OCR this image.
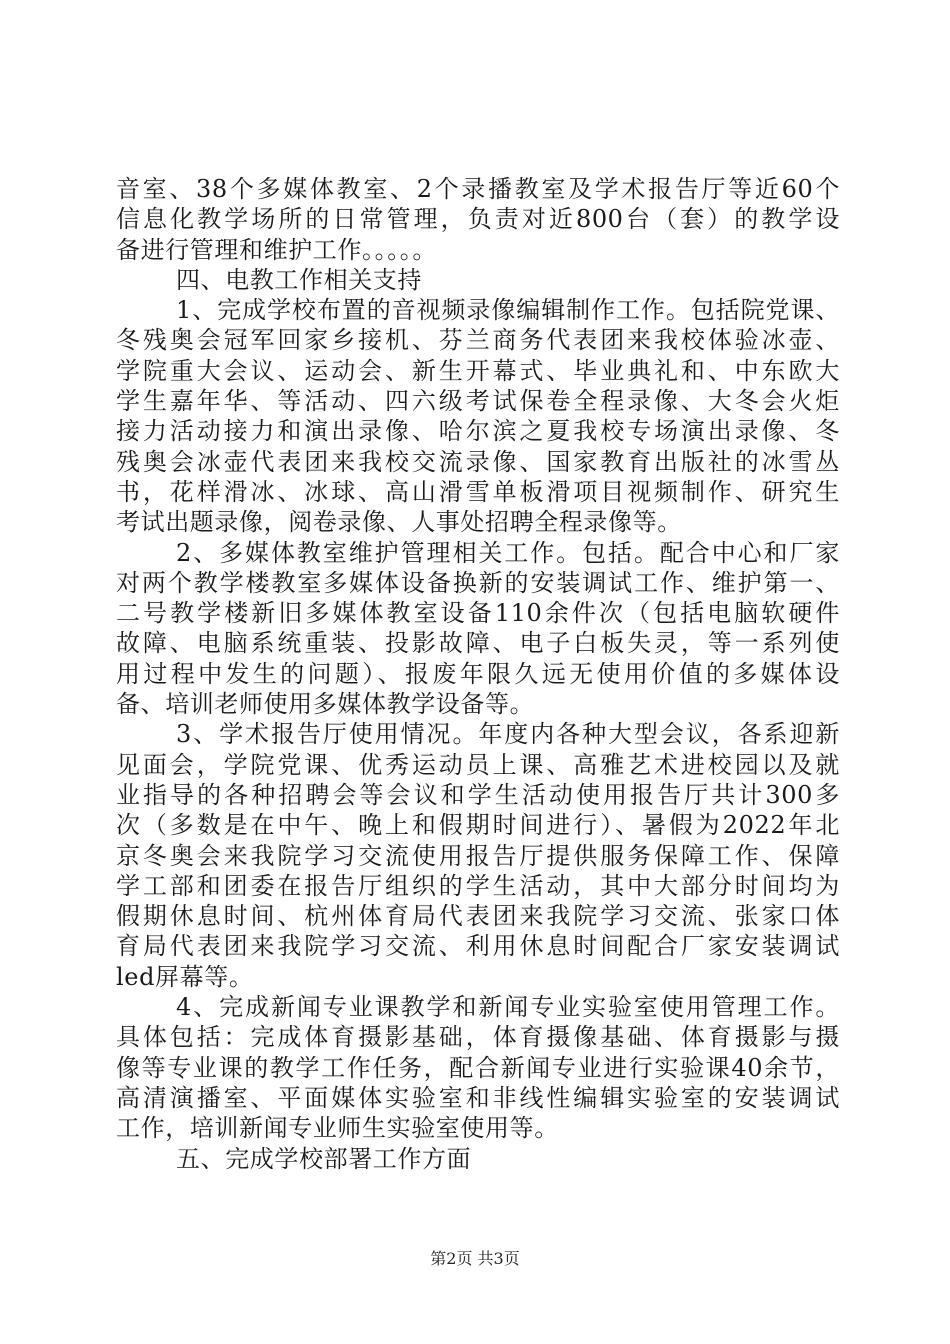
音室、38个多媒体教室、2个录播教室及学术报告厅等近60个
信息化教学场所的日常管理，负责对近800台（套）的教学设
备进行管理和维护工作。。。。。
四、电教工作相关支持
1、完成学校布置的音视频录像编辑制作工作。包括院党课、
冬残奥会冠军回家乡接机、芬兰商务代表团来我校体验冰壶、
学院重大会议、运动会、新生开幕式、毕业典礼和、中东欧大
学生嘉年华、等活动、四六级考试保卷全程录像、大冬会火炬
接力活动接力和演出录像、哈尔滨之夏我校专场演出录像、冬
残奥会冰壶代表团来我校交流录像、国家教育出版社的冰雪丛
书，花样滑冰、冰球、高山滑雪单板滑项目视频制作、研究生
考试出题录像，阅卷录像、人事处招聘全程录像等。
2、多媒体教室维护管理相关工作。包括。配合中心和厂家
对两个教学楼教室多媒体设备换新的安装调试工作、维护第一、
二号教学楼新旧多媒体教室设备110余件次（包括电脑软硬件
故障、电脑系统重装、投影故障、电子白板失灵，等一系列使
用过程中发生的问题）、报废年限久远无使用价值的多媒体设
备、培训老师使用多媒体教学设备等。
3、学术报告厅使用情况。年度内各种大型会议，各系迎新
见面会，学院党课、优秀运动员上课、高雅艺术进校园以及就
业指导的各种招聘会等会议和学生活动使用报告厅共计300多
次（多数是在中午、晚上和假期时间进行）、暑假为2022年北
京冬奥会来我院学习交流使用报告厅提供服务保障工作、保障
学工部和团委在报告厅组织的学生活动，其中大部分时间均为
假期休息时间、杭州体育局代表团来我院学习交流、张家口体
育局代表团来我院学习交流、利用休息时间配合厂家安装调试
led屏幕等。
4、完成新闻专业课教学和新闻专业实验室使用管理工作。
具体包括：完成体育摄影基础，体育摄像基础、体育摄影与摄
像等专业课的教学工作任务，配合新闻专业进行实验课40余节，
高清演播室、平面媒体实验室和非线性编辑实验室的安装调试
工作，培训新闻专业师生实验室使用等。
五、完成学校部署工作方面
第2页 共3页
